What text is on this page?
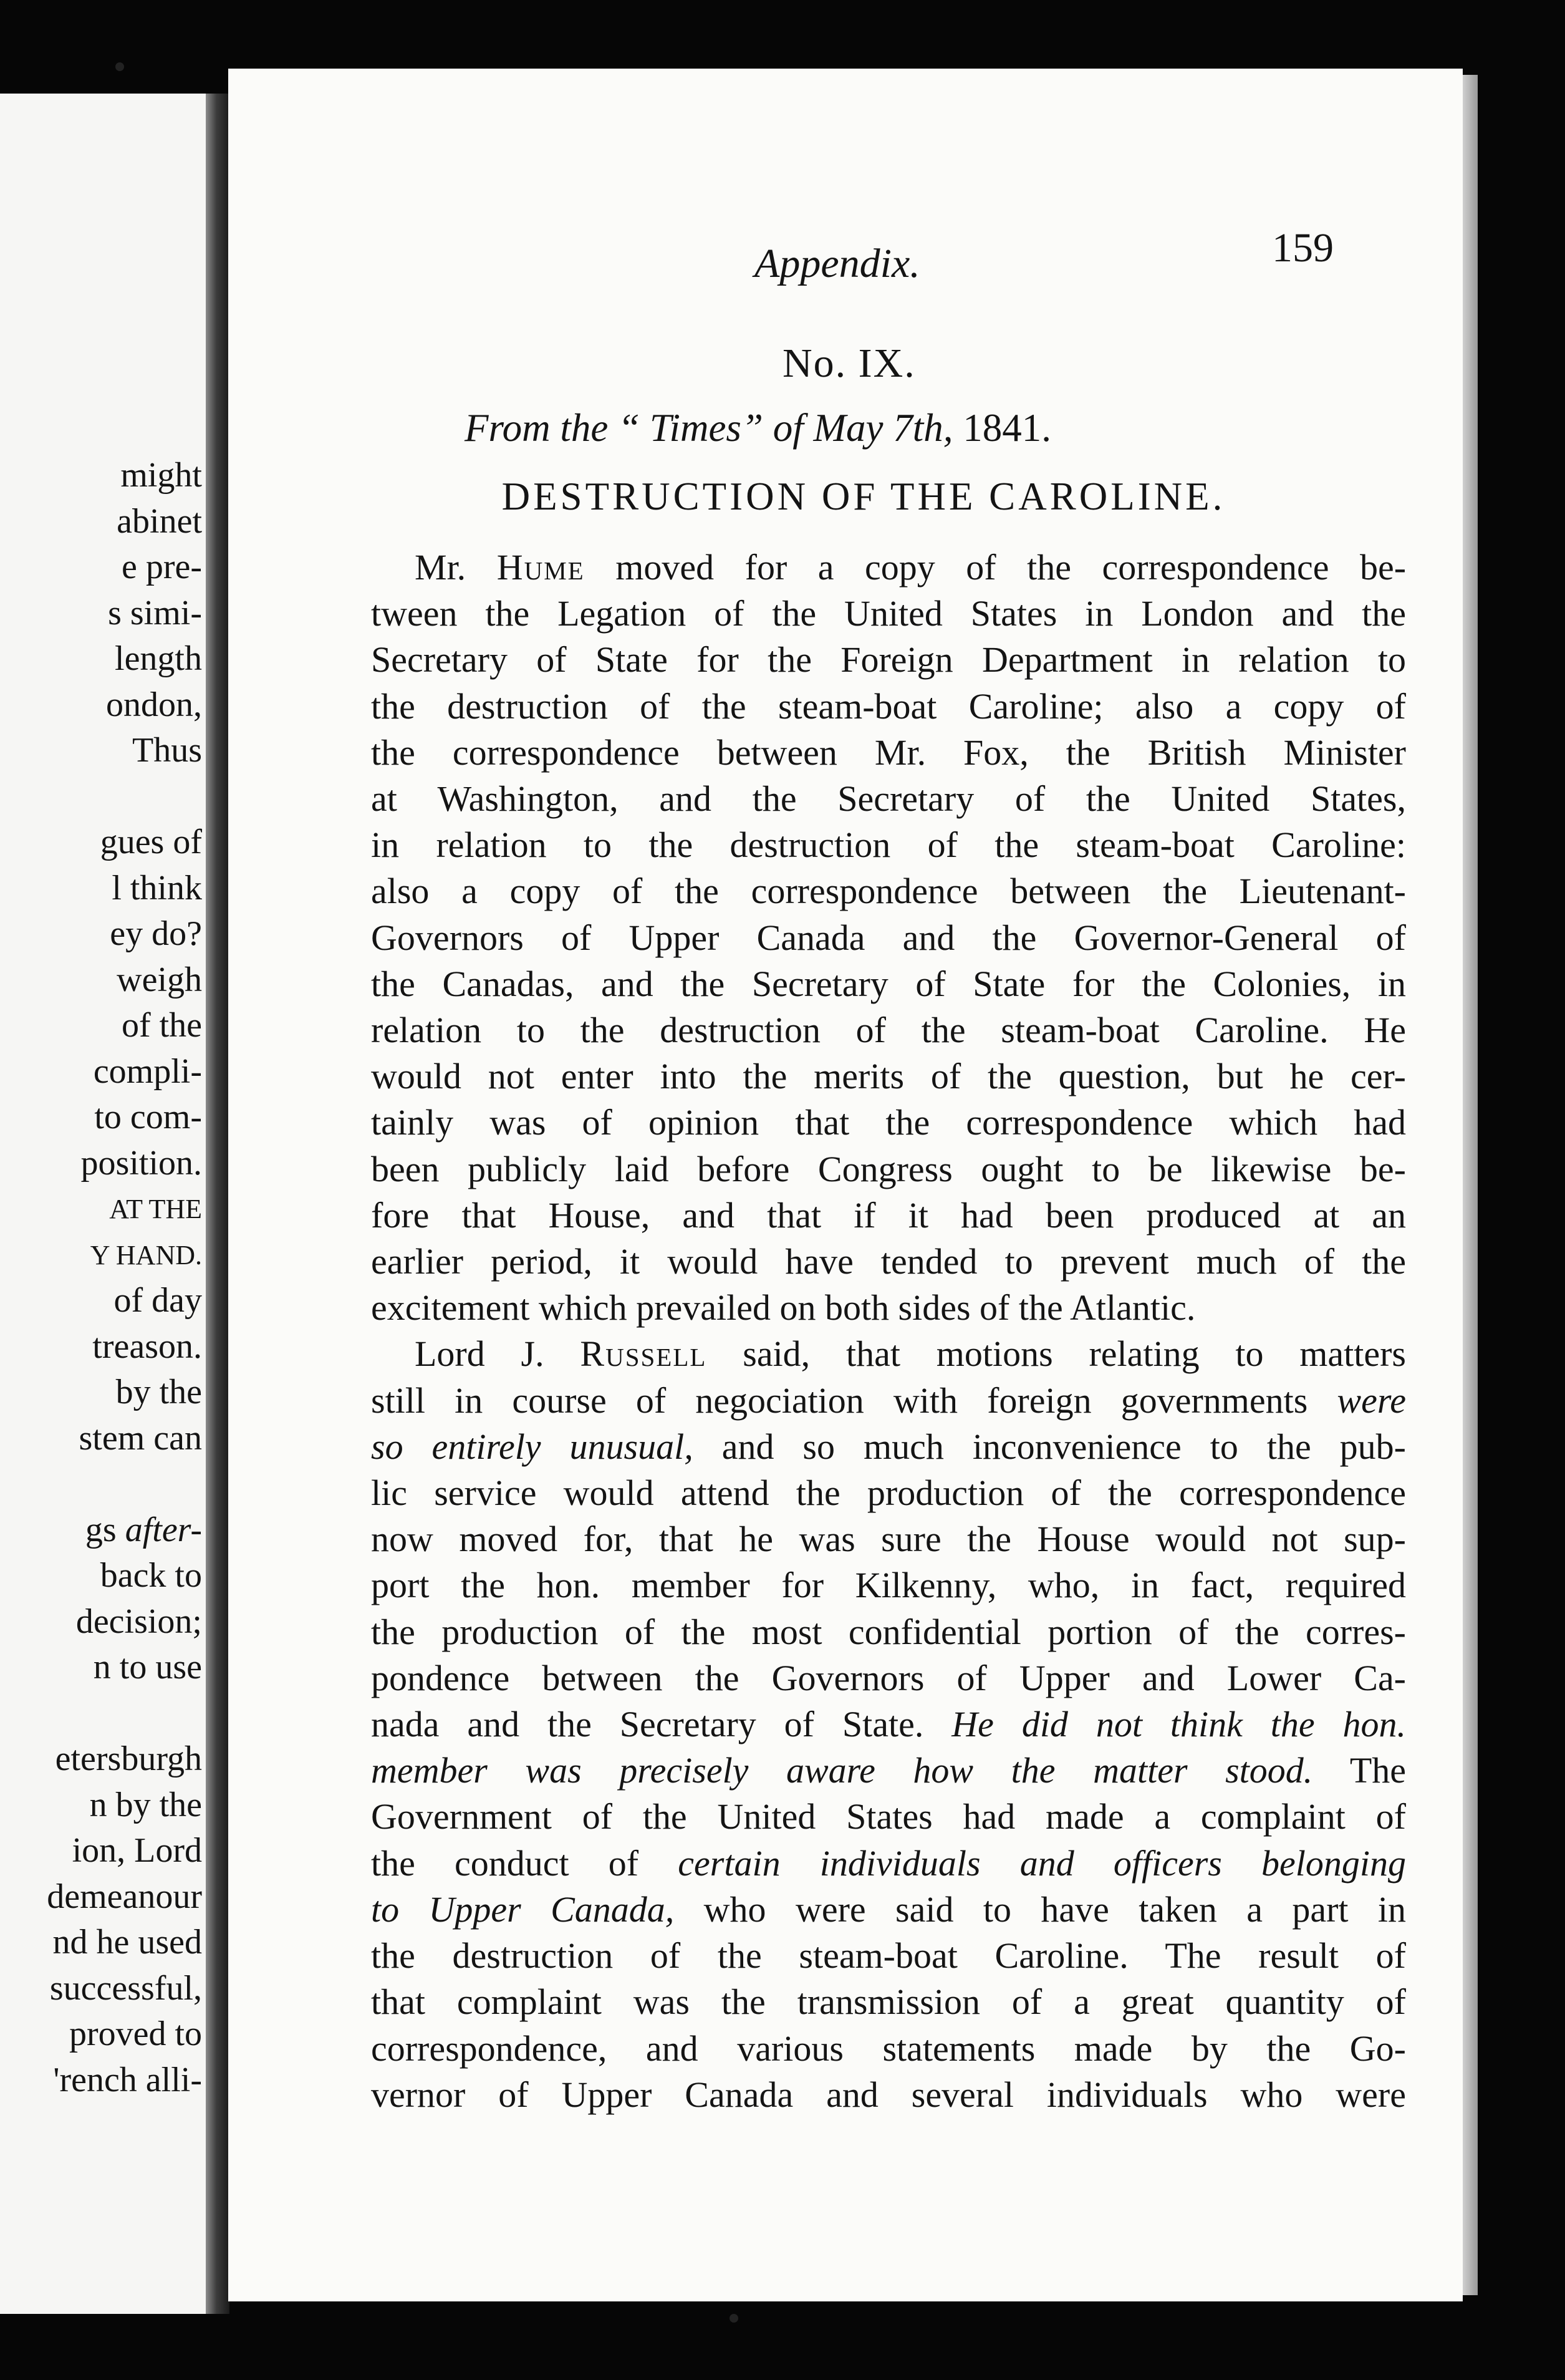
might
abinet
e pre-
s simi-
length
ondon,
Thus
gues of
l think
ey do?
weigh
of the
compli-
to com-
position.
AT THE
Y HAND.
of day
treason.
by the
stem can
gs after-
back to
decision;
n to use
etersburgh
n by the
ion, Lord
demeanour
nd he used
successful,
proved to
'rench alli-
Appendix.	159
No. IX.
From the “ Times” of May 7th, 1841.
DESTRUCTION OF THE CAROLINE.

Mr. Hume moved for a copy of the correspondence be-

tween the Legation of the United States in London and the

Secretary of State for the Foreign Department in relation to

the destruction of the steam-boat Caroline; also a copy of

the correspondence between Mr. Fox, the British Minister

at Washington, and the Secretary of the United States,

in relation to the destruction of the steam-boat Caroline:

also a copy of the correspondence between the Lieutenant-

Governors of Upper Canada and the Governor-General of

the Canadas, and the Secretary of State for the Colonies, in

relation to the destruction of the steam-boat Caroline. He

would not enter into the merits of the question, but he cer-

tainly was of opinion that the correspondence which had

been publicly laid before Congress ought to be likewise be-

fore that House, and that if it had been produced at an

earlier period, it would have tended to prevent much of the

excitement which prevailed on both sides of the Atlantic.

Lord J. Russell said, that motions relating to matters

still in course of negociation with foreign governments were

so entirely unusual, and so much inconvenience to the pub-

lic service would attend the production of the correspondence

now moved for, that he was sure the House would not sup-

port the hon. member for Kilkenny, who, in fact, required

the production of the most confidential portion of the corres-

pondence between the Governors of Upper and Lower Ca-

nada and the Secretary of State. He did not think the hon.

member was precisely aware how the matter stood. The

Government of the United States had made a complaint of

the conduct of certain individuals and officers belonging

to Upper Canada, who were said to have taken a part in

the destruction of the steam-boat Caroline. The result of

that complaint was the transmission of a great quantity of

correspondence, and various statements made by the Go-

vernor of Upper Canada and several individuals who were
